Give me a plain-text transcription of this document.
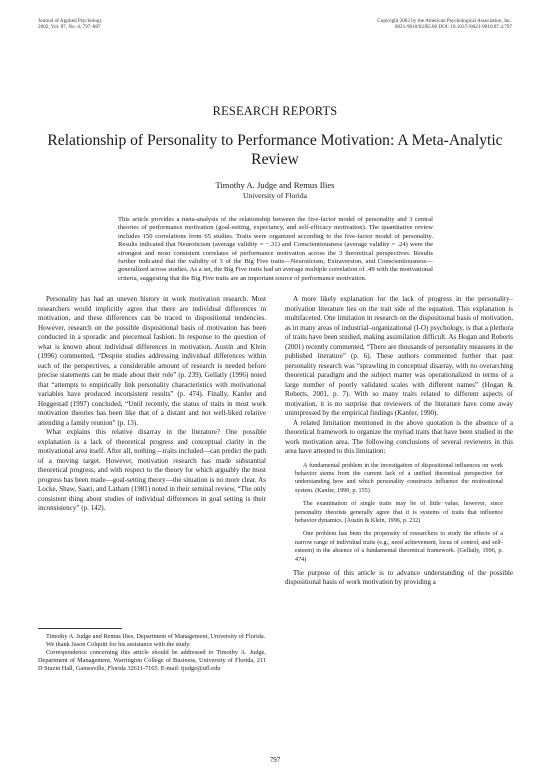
Journal of Applied Psychology
2002, Vol. 87, No. 4, 797–807
Copyright 2002 by the American Psychological Association, Inc.
0021-9010/02/$5.00 DOI: 10.1037//0021-9010.87.4.797
RESEARCH REPORTS
Relationship of Personality to Performance Motivation: A Meta-Analytic Review
Timothy A. Judge and Remus Ilies
University of Florida
This article provides a meta-analysis of the relationship between the five-factor model of personality and 3 central theories of performance motivation (goal-setting, expectancy, and self-efficacy motivation). The quantitative review includes 150 correlations from 65 studies. Traits were organized according to the five-factor model of personality. Results indicated that Neuroticism (average validity = −.31) and Conscientiousness (average validity = .24) were the strongest and most consistent correlates of performance motivation across the 3 theoretical perspectives. Results further indicated that the validity of 3 of the Big Five traits—Neuroticism, Extraversion, and Conscientiousness—generalized across studies. As a set, the Big Five traits had an average multiple correlation of .49 with the motivational criteria, suggesting that the Big Five traits are an important source of performance motivation.

Personality has had an uneven history in work motivation research. Most researchers would implicitly agree that there are individual differences in motivation, and these differences can be traced to dispositional tendencies. However, research on the possible dispositional basis of motivation has been conducted in a sporadic and piecemeal fashion. In response to the question of what is known about individual differences in motivation, Austin and Klein (1996) commented, “Despite studies addressing individual differences within each of the perspectives, a considerable amount of research is needed before precise statements can be made about their role” (p. 239). Gellatly (1996) noted that “attempts to empirically link personality characteristics with motivational variables have produced inconsistent results” (p. 474). Finally, Kanfer and Heggestad (1997) concluded, “Until recently, the status of traits in most work motivation theories has been like that of a distant and not well-liked relative attending a family reunion” (p. 13).

What explains this relative disarray in the literature? One possible explanation is a lack of theoretical progress and conceptual clarity in the motivational area itself. After all, nothing—traits included—can predict the path of a moving target. However, motivation research has made substantial theoretical progress, and with respect to the theory for which arguably the most progress has been made—goal-setting theory—the situation is no more clear. As Locke, Shaw, Saari, and Latham (1981) noted in their seminal review, “The only consistent thing about studies of individual differences in goal setting is their inconsistency” (p. 142).

A more likely explanation for the lack of progress in the personality–motivation literature lies on the trait side of the equation. This explanation is multifaceted. One limitation in research on the dispositional basis of motivation, as in many areas of industrial–organizational (I-O) psychology, is that a plethora of traits have been studied, making assimilation difficult. As Hogan and Roberts (2001) recently commented, “There are thousands of personality measures in the published literature” (p. 6). These authors commented further that past personality research was “sprawling in conceptual disarray, with no overarching theoretical paradigm and the subject matter was operationalized in terms of a large number of poorly validated scales with different names” (Hogan & Roberts, 2001, p. 7). With so many traits related to different aspects of motivation, it is no surprise that reviewers of the literature have come away unimpressed by the empirical findings (Kanfer, 1990).

A related limitation mentioned in the above quotation is the absence of a theoretical framework to organize the myriad traits that have been studied in the work motivation area. The following conclusions of several reviewers in this area have attested to this limitation:

A fundamental problem in the investigation of dispositional influences on work behavior stems from the current lack of a unified theoretical perspective for understanding how and which personality constructs influence the motivational system. (Kanfer, 1990, p. 155)

The examination of single traits may be of little value, however, since personality theorists generally agree that it is systems of traits that influence behavior dynamics. (Austin & Klein, 1996, p. 232)

One problem has been the propensity of researchers to study the effects of a narrow range of individual traits (e.g., need achievement, locus of control, and self-esteem) in the absence of a fundamental theoretical framework. (Gellatly, 1996, p. 474)

The purpose of this article is to advance understanding of the possible dispositional basis of work motivation by providing a

Timothy A. Judge and Remus Ilies, Department of Management, University of Florida.

We thank Jason Colquitt for his assistance with the study.

Correspondence concerning this article should be addressed to Timothy A. Judge, Department of Management, Warrington College of Business, University of Florida, 211 D Stuzin Hall, Gainesville, Florida 32611-7165. E-mail: tjudge@ufl.edu

797
